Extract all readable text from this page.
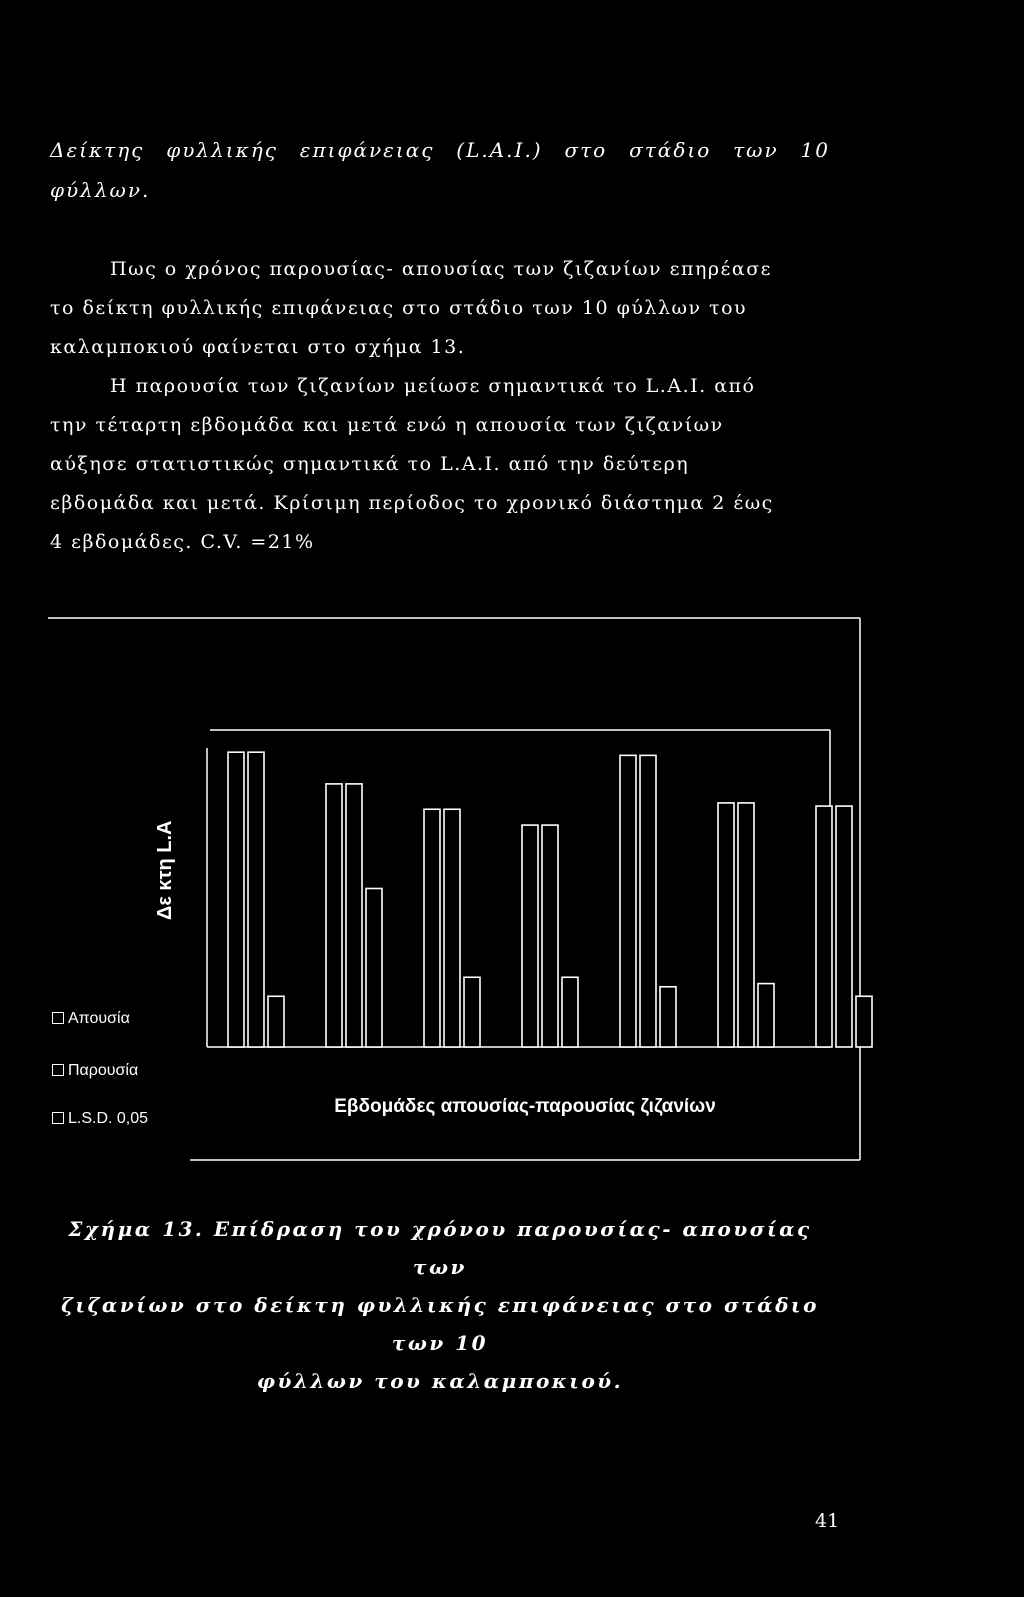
Δείκτης φυλλικής επιφάνειας (L.A.I.) στο στάδιο των 10
φύλλων.
Πως ο χρόνος παρουσίας- απουσίας των ζιζανίων επηρέασε
το δείκτη φυλλικής επιφάνειας στο στάδιο των 10 φύλλων του
καλαμποκιού φαίνεται στο σχήμα 13.
Η παρουσία των ζιζανίων μείωσε σημαντικά το L.A.I. από
την τέταρτη εβδομάδα και μετά ενώ η απουσία των ζιζανίων
αύξησε στατιστικώς σημαντικά το L.A.I. από την δεύτερη
εβδομάδα και μετά. Κρίσιμη περίοδος το χρονικό διάστημα 2 έως
4 εβδομάδες. C.V. =21%
Απουσία
Παρουσία
L.S.D. 0,05
Δε κτη L.A
Εβδομάδες απουσίας-παρουσίας ζιζανίων
Σχήμα 13. Επίδραση του χρόνου παρουσίας- απουσίας των
ζιζανίων στο δείκτη φυλλικής επιφάνειας στο στάδιο των 10
φύλλων του καλαμποκιού.
41
